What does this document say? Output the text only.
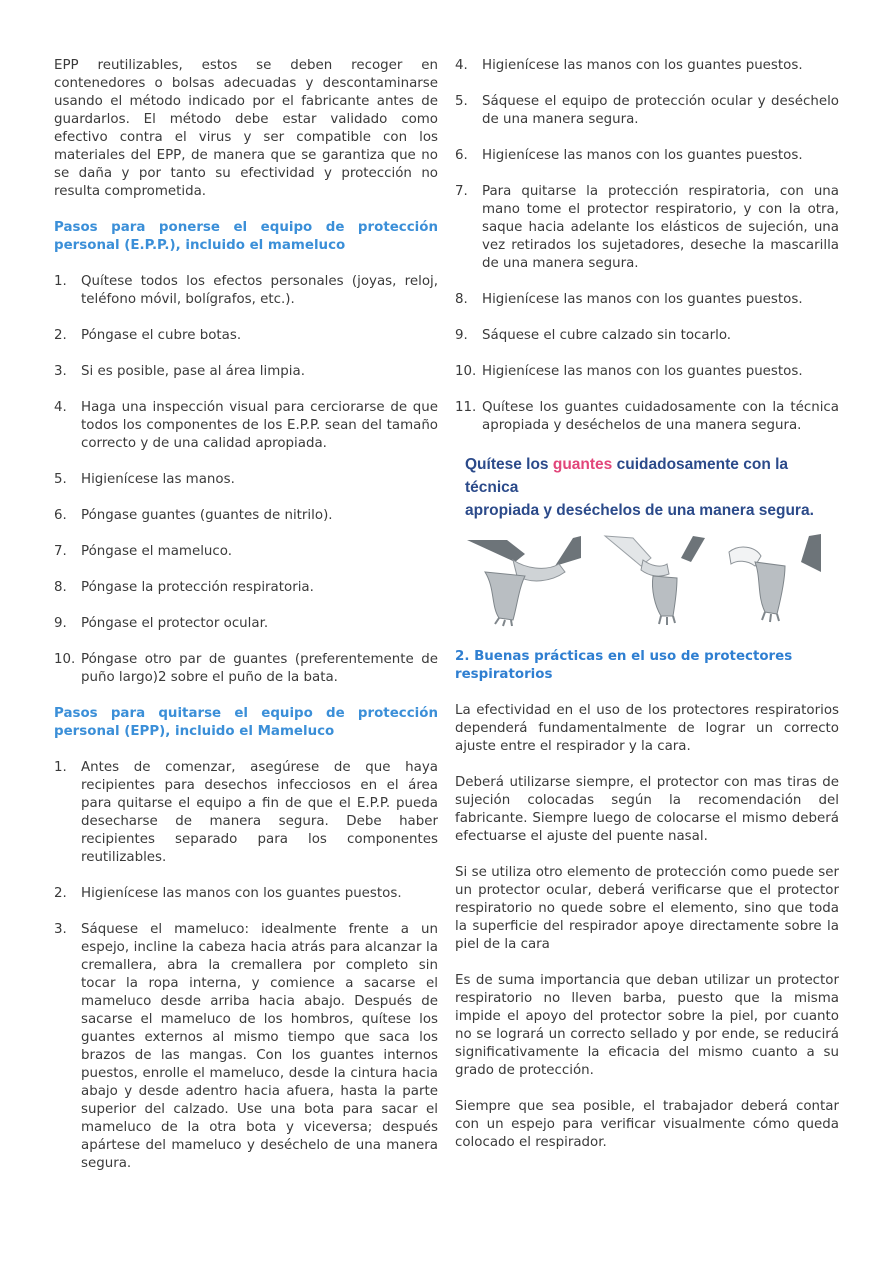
EPP reutilizables, estos se deben recoger en contenedores o bolsas adecuadas y descontaminarse usando el método indicado por el fabricante antes de guardarlos. El método debe estar validado como efectivo contra el virus y ser compatible con los materiales del EPP, de manera que se garantiza que no se daña y por tanto su efectividad y protección no resulta comprometida.

Pasos para ponerse el equipo de protección personal (E.P.P.), incluido el mameluco
1. Quítese todos los efectos personales (joyas, reloj, teléfono móvil, bolígrafos, etc.).
2. Póngase el cubre botas.
3. Si es posible, pase al área limpia.
4. Haga una inspección visual para cerciorarse de que todos los componentes de los E.P.P. sean del tamaño correcto y de una calidad apropiada.
5. Higienícese las manos.
6. Póngase guantes (guantes de nitrilo).
7. Póngase el mameluco.
8. Póngase la protección respiratoria.
9. Póngase el protector ocular.
10. Póngase otro par de guantes (preferentemente de puño largo)2 sobre el puño de la bata.
Pasos para quitarse el equipo de protección personal (EPP), incluido el Mameluco
1. Antes de comenzar, asegúrese de que haya recipientes para desechos infecciosos en el área para quitarse el equipo a fin de que el E.P.P. pueda desecharse de manera segura. Debe haber recipientes separado para los componentes reutilizables.
2. Higienícese las manos con los guantes puestos.
3. Sáquese el mameluco: idealmente frente a un espejo, incline la cabeza hacia atrás para alcanzar la cremallera, abra la cremallera por completo sin tocar la ropa interna, y comience a sacarse el mameluco desde arriba hacia abajo. Después de sacarse el mameluco de los hombros, quítese los guantes externos al mismo tiempo que saca los brazos de las mangas. Con los guantes internos puestos, enrolle el mameluco, desde la cintura hacia abajo y desde adentro hacia afuera, hasta la parte superior del calzado. Use una bota para sacar el mameluco de la otra bota y viceversa; después apártese del mameluco y deséchelo de una manera segura.
4. Higienícese las manos con los guantes puestos.
5. Sáquese el equipo de protección ocular y deséchelo de una manera segura.
6. Higienícese las manos con los guantes puestos.
7. Para quitarse la protección respiratoria, con una mano tome el protector respiratorio, y con la otra, saque hacia adelante los elásticos de sujeción, una vez retirados los sujetadores, deseche la mascarilla de una manera segura.
8. Higienícese las manos con los guantes puestos.
9. Sáquese el cubre calzado sin tocarlo.
10. Higienícese las manos con los guantes puestos.
11. Quítese los guantes cuidadosamente con la técnica apropiada y deséchelos de una manera segura.
Quítese los guantes cuidadosamente con la técnica
apropiada y deséchelos de una manera segura.
2. Buenas prácticas en el uso de protectores respiratorios

La efectividad en el uso de los protectores respiratorios dependerá fundamentalmente de lograr un correcto ajuste entre el respirador y la cara.

Deberá utilizarse siempre, el protector con mas tiras de sujeción colocadas según la recomendación del fabricante. Siempre luego de colocarse el mismo deberá efectuarse el ajuste del puente nasal.

Si se utiliza otro elemento de protección como puede ser un protector ocular, deberá verificarse que el protector respiratorio no quede sobre el elemento, sino que toda la superficie del respirador apoye directamente sobre la piel de la cara

Es de suma importancia que deban utilizar un protector respiratorio no lleven barba, puesto que la misma impide el apoyo del protector sobre la piel, por cuanto no se logrará un correcto sellado y por ende, se reducirá significativamente la eficacia del mismo cuanto a su grado de protección.

Siempre que sea posible, el trabajador deberá contar con un espejo para verificar visualmente cómo queda colocado el respirador.
